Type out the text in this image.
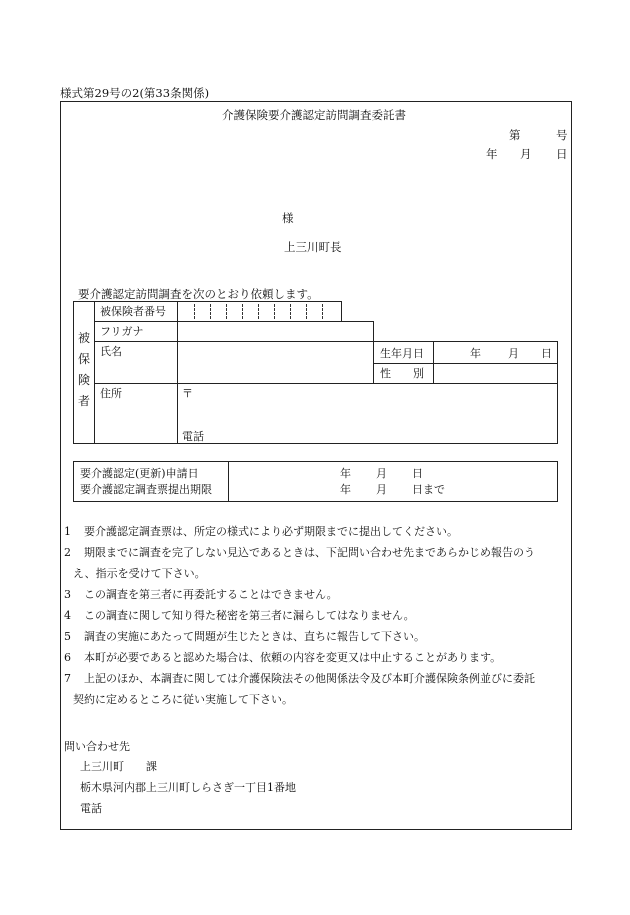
様式第29号の2(第33条関係)
介護保険要介護認定訪問調査委託書
第	号
年 月 日
様
上三川町長
要介護認定訪問調査を次のとおり依頼します。
被保険者
被保険者番号
フリガナ
氏名	生年月日	年 月 日
性　　別
住所	〒
電話
要介護認定(更新)申請日	年 月 日
要介護認定調査票提出期限	年 月 日まで
1 要介護認定調査票は、所定の様式により必ず期限までに提出してください。
2 期限までに調査を完了しない見込であるときは、下記問い合わせ先まであらかじめ報告のう
え、指示を受けて下さい。
3 この調査を第三者に再委託することはできません。
4 この調査に関して知り得た秘密を第三者に漏らしてはなりません。
5 調査の実施にあたって問題が生じたときは、直ちに報告して下さい。
6 本町が必要であると認めた場合は、依頼の内容を変更又は中止することがあります。
7 上記のほか、本調査に関しては介護保険法その他関係法令及び本町介護保険条例並びに委託
契約に定めるところに従い実施して下さい。
問い合わせ先
上三川町　　課
栃木県河内郡上三川町しらさぎ一丁目1番地
電話
